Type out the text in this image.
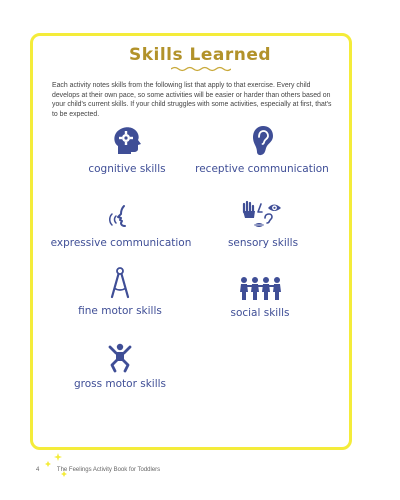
Skills Learned

Each activity notes skills from the following list that apply to that exercise. Every child develops at their own pace, so some activities will be easier or harder than others based on your child's current skills. If your child struggles with some activities, especially at first, that's to be expected.

cognitive skills	receptive communication
expressive communication	sensory skills
fine motor skills	social skills
gross motor skills
4	The Feelings Activity Book for Toddlers
